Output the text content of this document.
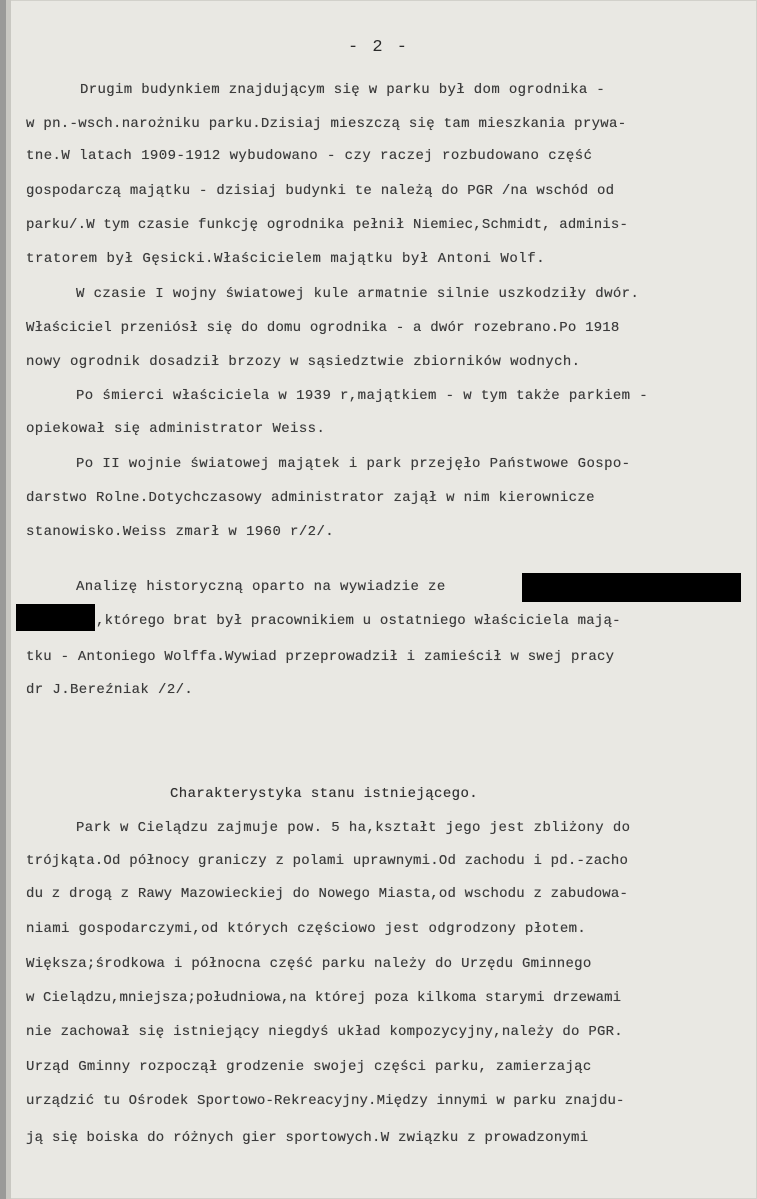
- 2 -
Drugim budynkiem znajdującym się w parku był dom ogrodnika -
w pn.-wsch.narożniku parku.Dzisiaj mieszczą się tam mieszkania prywa-
tne.W latach 1909-1912 wybudowano - czy raczej rozbudowano część
gospodarczą majątku - dzisiaj budynki te należą do PGR /na wschód od
parku/.W tym czasie funkcję ogrodnika pełnił Niemiec,Schmidt, adminis-
tratorem był Gęsicki.Właścicielem majątku był Antoni Wolf.
W czasie I wojny światowej kule armatnie silnie uszkodziły dwór.
Właściciel przeniósł się do domu ogrodnika - a dwór rozebrano.Po 1918
nowy ogrodnik dosadził brzozy w sąsiedztwie zbiorników wodnych.
Po śmierci właściciela w 1939 r,majątkiem - w tym także parkiem -
opiekował się administrator Weiss.
Po II wojnie światowej majątek i park przejęło Państwowe Gospo-
darstwo Rolne.Dotychczasowy administrator zajął w nim kierownicze
stanowisko.Weiss zmarł w 1960 r/2/.
Analizę historyczną oparto na wywiadzie ze
,którego brat był pracownikiem u ostatniego właściciela mają-
tku - Antoniego Wolffa.Wywiad przeprowadził i zamieścił w swej pracy
dr J.Bereźniak /2/.
Charakterystyka stanu istniejącego.
Park w Cielądzu zajmuje pow. 5 ha,kształt jego jest zbliżony do
trójkąta.Od północy graniczy z polami uprawnymi.Od zachodu i pd.-zacho
du z drogą z Rawy Mazowieckiej do Nowego Miasta,od wschodu z zabudowa-
niami gospodarczymi,od których częściowo jest odgrodzony płotem.
Większa;środkowa i północna część parku należy do Urzędu Gminnego
w Cielądzu,mniejsza;południowa,na której poza kilkoma starymi drzewami
nie zachował się istniejący niegdyś układ kompozycyjny,należy do PGR.
Urząd Gminny rozpoczął grodzenie swojej części parku, zamierzając
urządzić tu Ośrodek Sportowo-Rekreacyjny.Między innymi w parku znajdu-
ją się boiska do różnych gier sportowych.W związku z prowadzonymi
